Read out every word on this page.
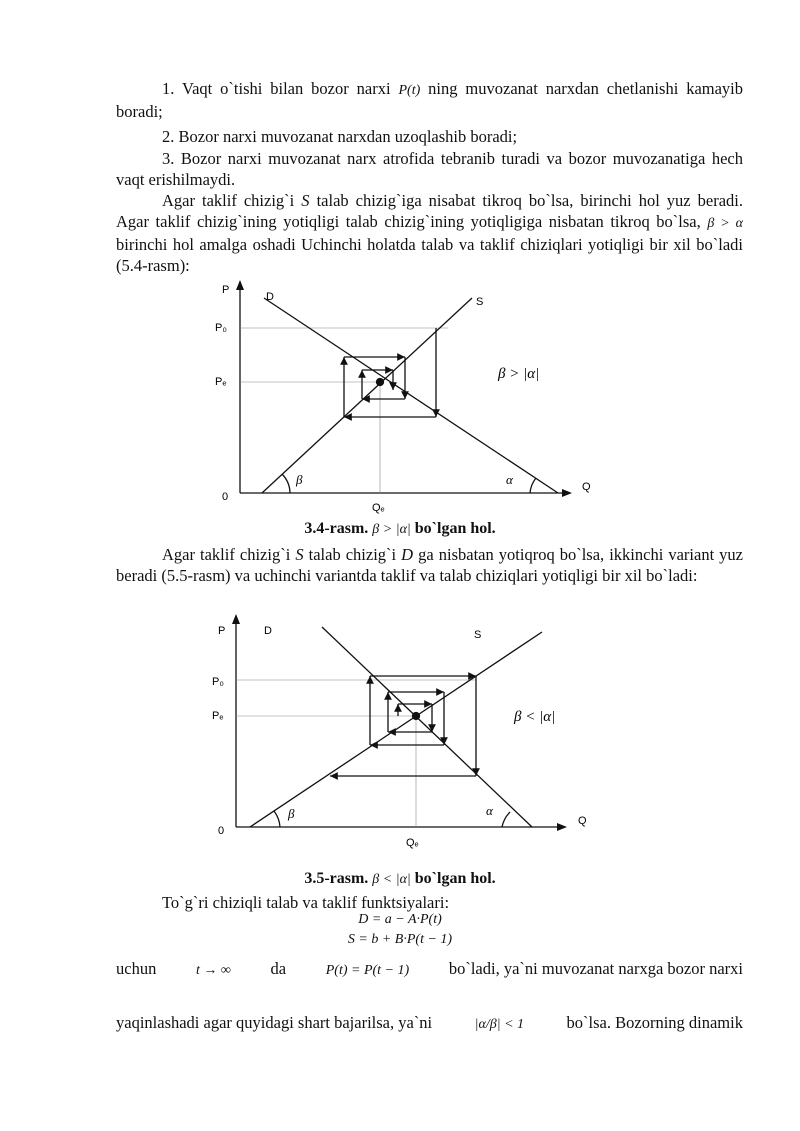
1. Vaqt o`tishi bilan bozor narxi P(t) ning muvozanat narxdan chetlanishi kamayib boradi;
2. Bozor narxi muvozanat narxdan uzoqlashib boradi;
3. Bozor narxi muvozanat narx atrofida tebranib turadi va bozor muvozanatiga hech vaqt erishilmaydi.
Agar taklif chizig`i S talab chizig`iga nisabat tikroq bo`lsa, birinchi hol yuz beradi. Agar taklif chizig`ining yotiqligi talab chizig`ining yotiqligiga nisbatan tikroq bo`lsa, β > α birinchi hol amalga oshadi Uchinchi holatda talab va taklif chiziqlari yotiqligi bir xil bo`ladi (5.4-rasm):
P
D	S
P₀
Pₑ
0
Q
Qₑ
β	α
β > |α|
3.4-rasm. β > |α| bo`lgan hol.
Agar taklif chizig`i S talab chizig`i D ga nisbatan yotiqroq bo`lsa, ikkinchi variant yuz beradi (5.5-rasm) va uchinchi variantda taklif va talab chiziqlari yotiqligi bir xil bo`ladi:
P	D	S
P₀
Pₑ
0
Q
Qₑ
β	α
β < |α|
3.5-rasm. β < |α| bo`lgan hol.
To`g`ri chiziqli talab va taklif funktsiyalari:
D = a − A·P(t)
S = b + B·P(t − 1)
uchun	t → ∞ da	P(t) = P(t − 1) bo`ladi, ya`ni muvozanat narxga bozor narxi
yaqinlashadi agar quyidagi shart bajarilsa, ya`ni	|α/β| < 1	bo`lsa. Bozorning dinamik
